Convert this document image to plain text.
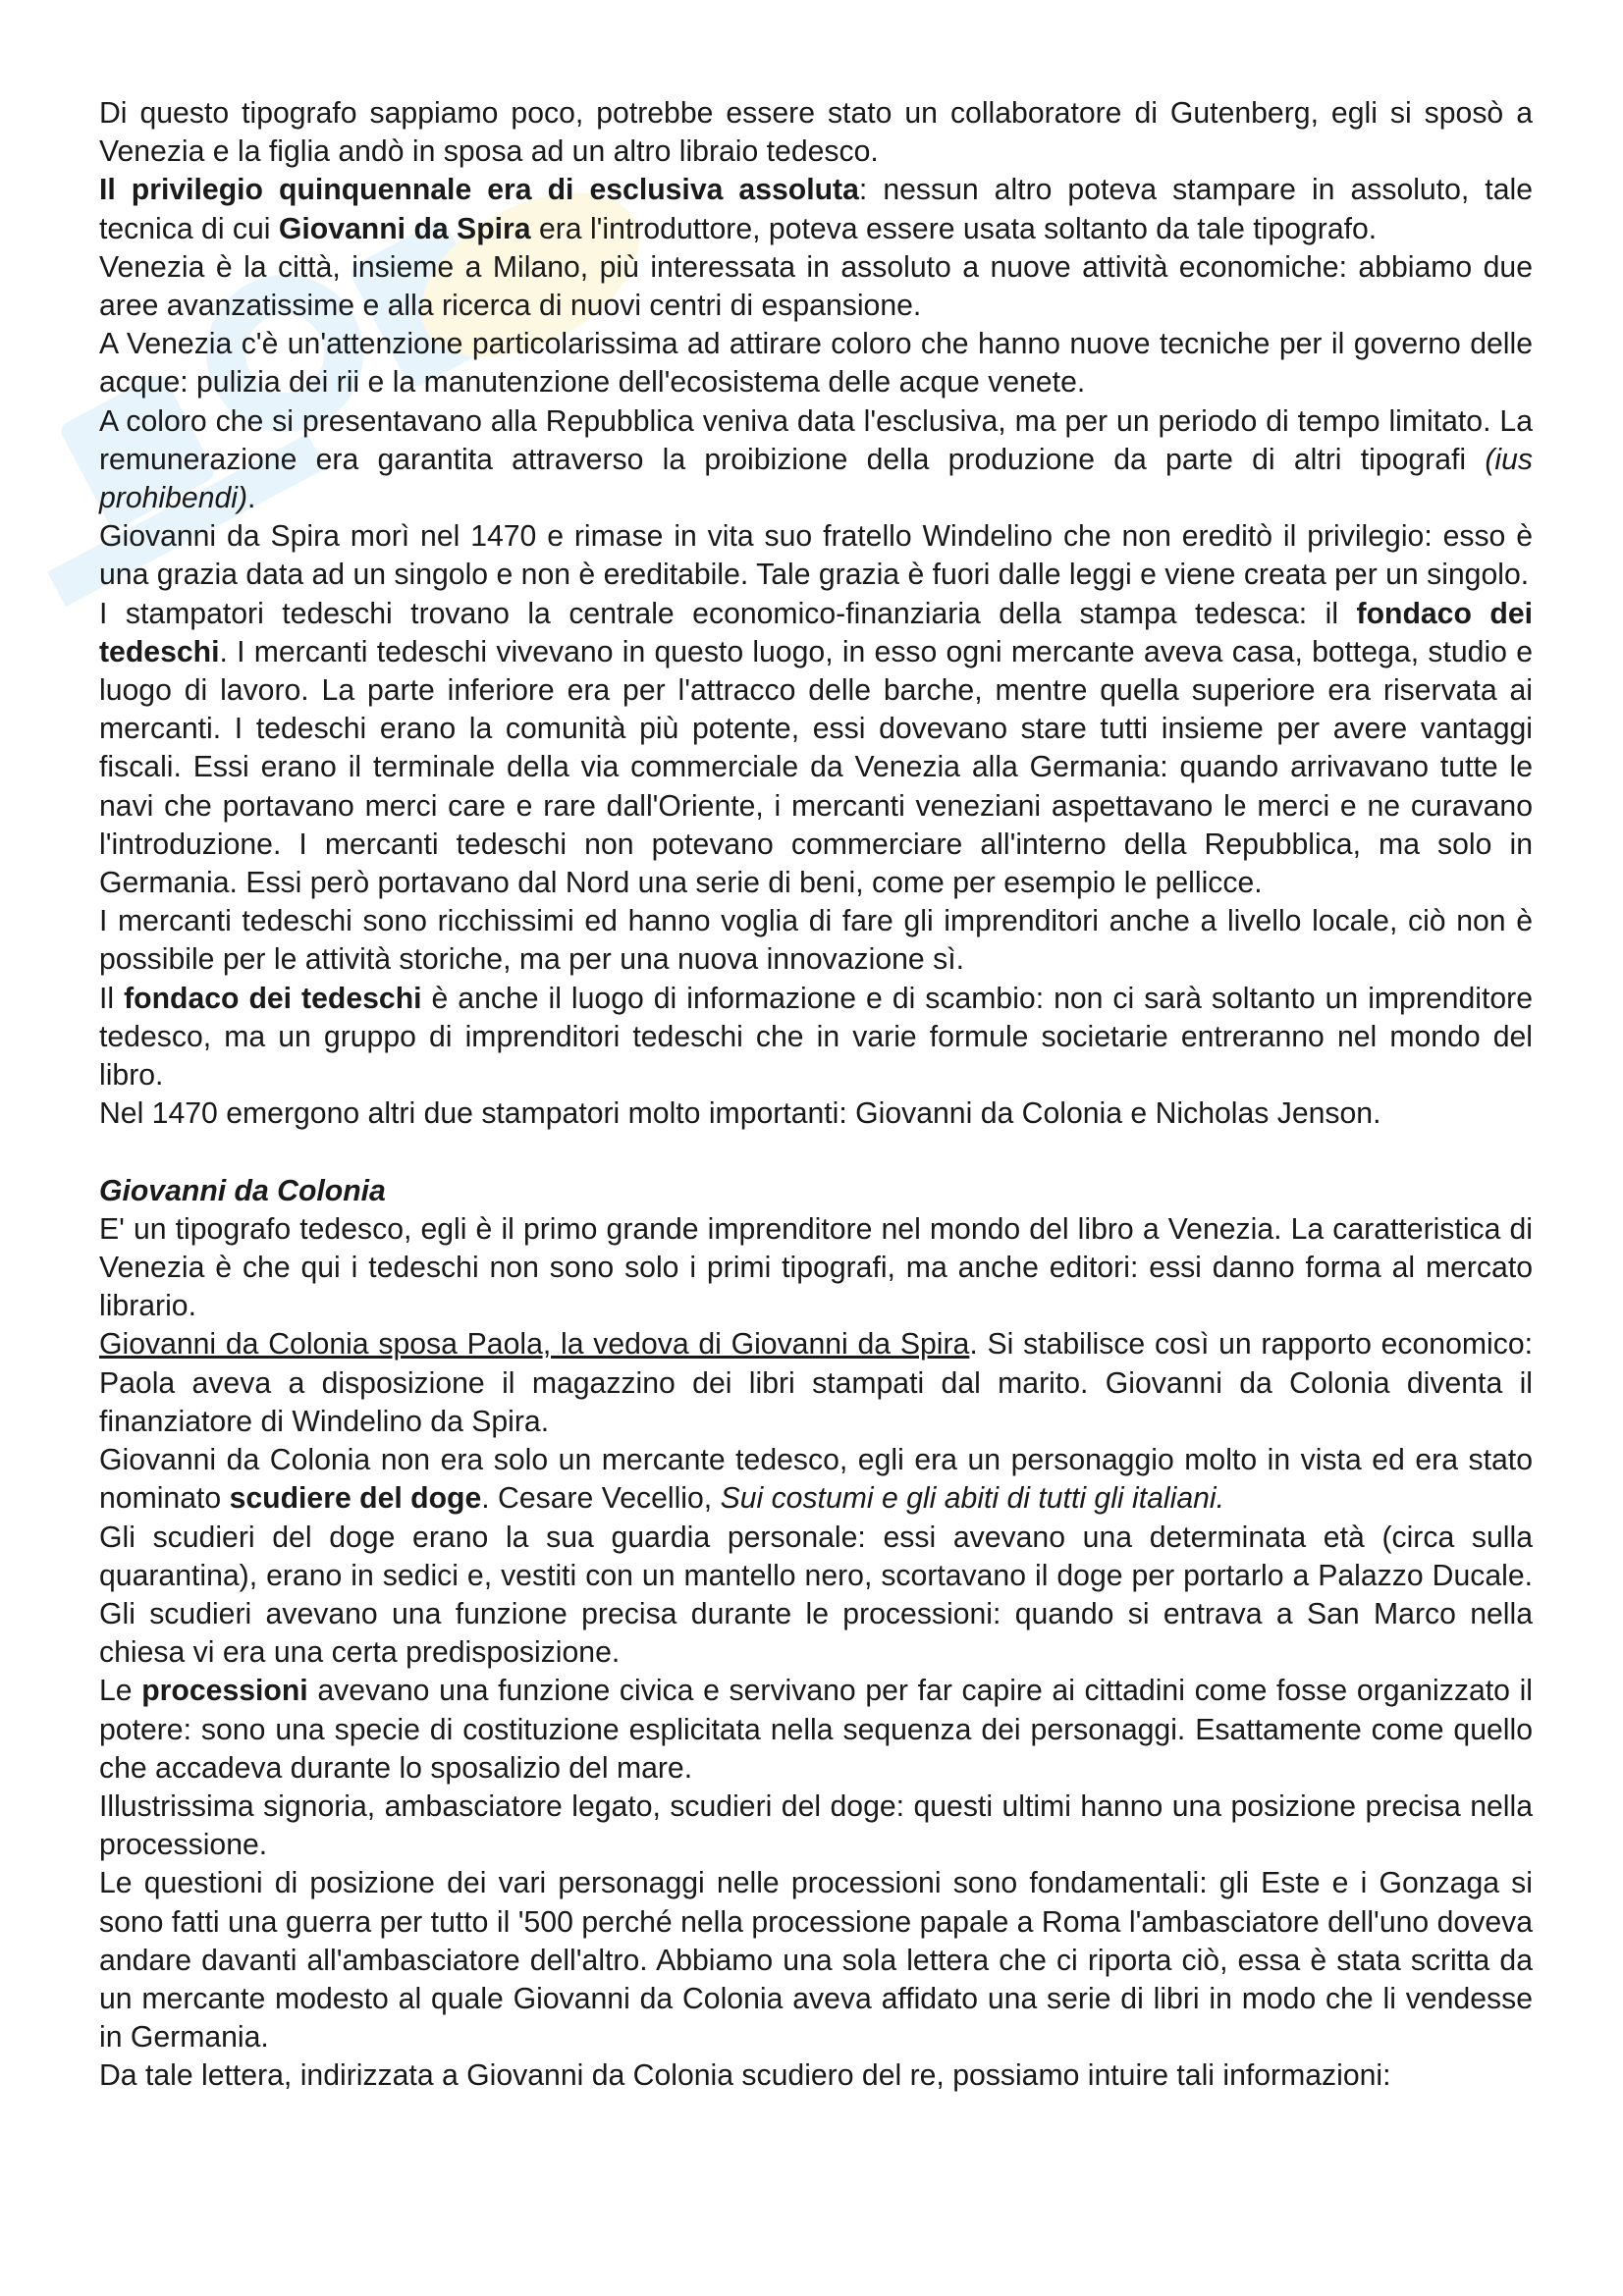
Di questo tipografo sappiamo poco, potrebbe essere stato un collaboratore di Gutenberg, egli si sposò a Venezia e la figlia andò in sposa ad un altro libraio tedesco.

Il privilegio quinquennale era di esclusiva assoluta: nessun altro poteva stampare in assoluto, tale tecnica di cui Giovanni da Spira era l'introduttore, poteva essere usata soltanto da tale tipografo.

Venezia è la città, insieme a Milano, più interessata in assoluto a nuove attività economiche: abbiamo due aree avanzatissime e alla ricerca di nuovi centri di espansione.

A Venezia c'è un'attenzione particolarissima ad attirare coloro che hanno nuove tecniche per il governo delle acque: pulizia dei rii e la manutenzione dell'ecosistema delle acque venete.

A coloro che si presentavano alla Repubblica veniva data l'esclusiva, ma per un periodo di tempo limitato. La remunerazione era garantita attraverso la proibizione della produzione da parte di altri tipografi (ius prohibendi).

Giovanni da Spira morì nel 1470 e rimase in vita suo fratello Windelino che non ereditò il privilegio: esso è una grazia data ad un singolo e non è ereditabile. Tale grazia è fuori dalle leggi e viene creata per un singolo.

I stampatori tedeschi trovano la centrale economico-finanziaria della stampa tedesca: il fondaco dei tedeschi. I mercanti tedeschi vivevano in questo luogo, in esso ogni mercante aveva casa, bottega, studio e luogo di lavoro. La parte inferiore era per l'attracco delle barche, mentre quella superiore era riservata ai mercanti. I tedeschi erano la comunità più potente, essi dovevano stare tutti insieme per avere vantaggi fiscali. Essi erano il terminale della via commerciale da Venezia alla Germania: quando arrivavano tutte le navi che portavano merci care e rare dall'Oriente, i mercanti veneziani aspettavano le merci e ne curavano l'introduzione. I mercanti tedeschi non potevano commerciare all'interno della Repubblica, ma solo in Germania. Essi però portavano dal Nord una serie di beni, come per esempio le pellicce.

I mercanti tedeschi sono ricchissimi ed hanno voglia di fare gli imprenditori anche a livello locale, ciò non è possibile per le attività storiche, ma per una nuova innovazione sì.

Il fondaco dei tedeschi è anche il luogo di informazione e di scambio: non ci sarà soltanto un imprenditore tedesco, ma un gruppo di imprenditori tedeschi che in varie formule societarie entreranno nel mondo del libro.

Nel 1470 emergono altri due stampatori molto importanti: Giovanni da Colonia e Nicholas Jenson.

Giovanni da Colonia

E' un tipografo tedesco, egli è il primo grande imprenditore nel mondo del libro a Venezia. La caratteristica di Venezia è che qui i tedeschi non sono solo i primi tipografi, ma anche editori: essi danno forma al mercato librario.

Giovanni da Colonia sposa Paola, la vedova di Giovanni da Spira. Si stabilisce così un rapporto economico: Paola aveva a disposizione il magazzino dei libri stampati dal marito. Giovanni da Colonia diventa il finanziatore di Windelino da Spira.

Giovanni da Colonia non era solo un mercante tedesco, egli era un personaggio molto in vista ed era stato nominato scudiere del doge. Cesare Vecellio, Sui costumi e gli abiti di tutti gli italiani.

Gli scudieri del doge erano la sua guardia personale: essi avevano una determinata età (circa sulla quarantina), erano in sedici e, vestiti con un mantello nero, scortavano il doge per portarlo a Palazzo Ducale. Gli scudieri avevano una funzione precisa durante le processioni: quando si entrava a San Marco nella chiesa vi era una certa predisposizione.

Le processioni avevano una funzione civica e servivano per far capire ai cittadini come fosse organizzato il potere: sono una specie di costituzione esplicitata nella sequenza dei personaggi. Esattamente come quello che accadeva durante lo sposalizio del mare.

Illustrissima signoria, ambasciatore legato, scudieri del doge: questi ultimi hanno una posizione precisa nella processione.

Le questioni di posizione dei vari personaggi nelle processioni sono fondamentali: gli Este e i Gonzaga si sono fatti una guerra per tutto il '500 perché nella processione papale a Roma l'ambasciatore dell'uno doveva andare davanti all'ambasciatore dell'altro. Abbiamo una sola lettera che ci riporta ciò, essa è stata scritta da un mercante modesto al quale Giovanni da Colonia aveva affidato una serie di libri in modo che li vendesse in Germania.

Da tale lettera, indirizzata a Giovanni da Colonia scudiero del re, possiamo intuire tali informazioni:
